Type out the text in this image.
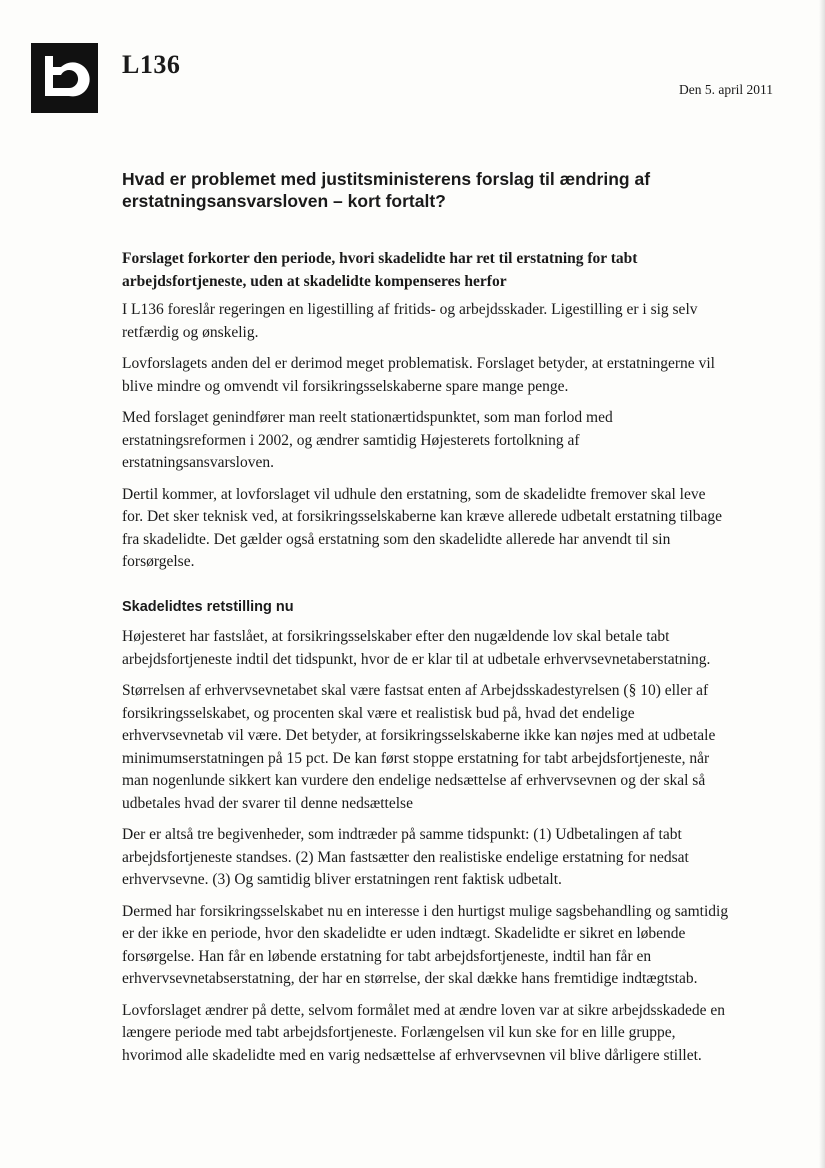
L136
Den 5. april 2011
Hvad er problemet med justitsministerens forslag til ændring af erstatningsansvarsloven – kort fortalt?

Forslaget forkorter den periode, hvori skadelidte har ret til erstatning for tabt arbejdsfortjeneste, uden at skadelidte kompenseres herfor

I L136 foreslår regeringen en ligestilling af fritids- og arbejdsskader. Ligestilling er i sig selv retfærdig og ønskelig.

Lovforslagets anden del er derimod meget problematisk. Forslaget betyder, at erstatningerne vil blive mindre og omvendt vil forsikringsselskaberne spare mange penge.

Med forslaget genindfører man reelt stationærtidspunktet, som man forlod med erstatningsreformen i 2002, og ændrer samtidig Højesterets fortolkning af erstatningsansvarsloven.

Dertil kommer, at lovforslaget vil udhule den erstatning, som de skadelidte fremover skal leve for. Det sker teknisk ved, at forsikringsselskaberne kan kræve allerede udbetalt erstatning tilbage fra skadelidte. Det gælder også erstatning som den skadelidte allerede har anvendt til sin forsørgelse.

Skadelidtes retstilling nu

Højesteret har fastslået, at forsikringsselskaber efter den nugældende lov skal betale tabt arbejdsfortjeneste indtil det tidspunkt, hvor de er klar til at udbetale erhvervsevnetaberstatning.

Størrelsen af erhvervsevnetabet skal være fastsat enten af Arbejdsskadestyrelsen (§ 10) eller af forsikringsselskabet, og procenten skal være et realistisk bud på, hvad det endelige erhvervsevnetab vil være. Det betyder, at forsikringsselskaberne ikke kan nøjes med at udbetale minimumserstatningen på 15 pct. De kan først stoppe erstatning for tabt arbejdsfortjeneste, når man nogenlunde sikkert kan vurdere den endelige nedsættelse af erhvervsevnen og der skal så udbetales hvad der svarer til denne nedsættelse

Der er altså tre begivenheder, som indtræder på samme tidspunkt: (1) Udbetalingen af tabt arbejdsfortjeneste standses. (2) Man fastsætter den realistiske endelige erstatning for nedsat erhvervsevne. (3) Og samtidig bliver erstatningen rent faktisk udbetalt.

Dermed har forsikringsselskabet nu en interesse i den hurtigst mulige sagsbehandling og samtidig er der ikke en periode, hvor den skadelidte er uden indtægt. Skadelidte er sikret en løbende forsørgelse. Han får en løbende erstatning for tabt arbejdsfortjeneste, indtil han får en erhvervsevnetabserstatning, der har en størrelse, der skal dække hans fremtidige indtægtstab.

Lovforslaget ændrer på dette, selvom formålet med at ændre loven var at sikre arbejdsskadede en længere periode med tabt arbejdsfortjeneste. Forlængelsen vil kun ske for en lille gruppe, hvorimod alle skadelidte med en varig nedsættelse af erhvervsevnen vil blive dårligere stillet.
